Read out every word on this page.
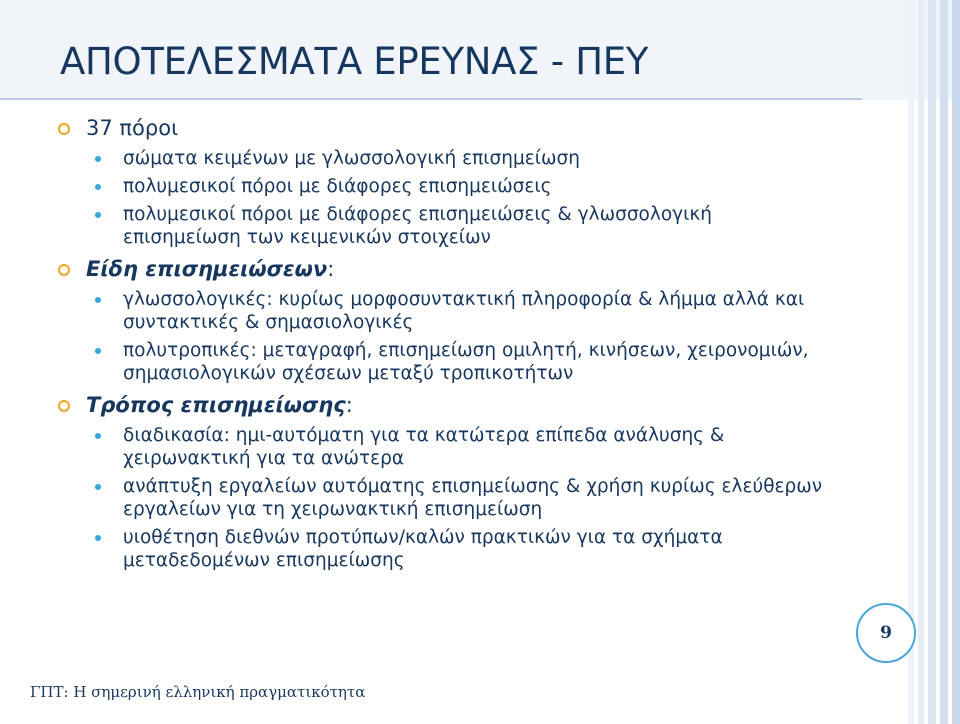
ΑΠΟΤΕΛΕΣΜΑΤΑ ΕΡΕΥΝΑΣ - ΠΕΥ
37 πόροι
σώματα κειμένων με γλωσσολογική επισημείωση
πολυμεσικοί πόροι με διάφορες επισημειώσεις
πολυμεσικοί πόροι με διάφορες επισημειώσεις & γλωσσολογική επισημείωση των κειμενικών στοιχείων
Είδη επισημειώσεων:
γλωσσολογικές: κυρίως μορφοσυντακτική πληροφορία & λήμμα αλλά και συντακτικές & σημασιολογικές
πολυτροπικές: μεταγραφή, επισημείωση ομιλητή, κινήσεων, χειρονομιών, σημασιολογικών σχέσεων μεταξύ τροπικοτήτων
Τρόπος επισημείωσης:
διαδικασία: ημι-αυτόματη για τα κατώτερα επίπεδα ανάλυσης & χειρωνακτική για τα ανώτερα
ανάπτυξη εργαλείων αυτόματης επισημείωσης & χρήση κυρίως ελεύθερων εργαλείων για τη χειρωνακτική επισημείωση
υιοθέτηση διεθνών προτύπων/καλών πρακτικών για τα σχήματα μεταδεδομένων επισημείωσης
9
ΓΠΤ: Η σημερινή ελληνική πραγματικότητα
